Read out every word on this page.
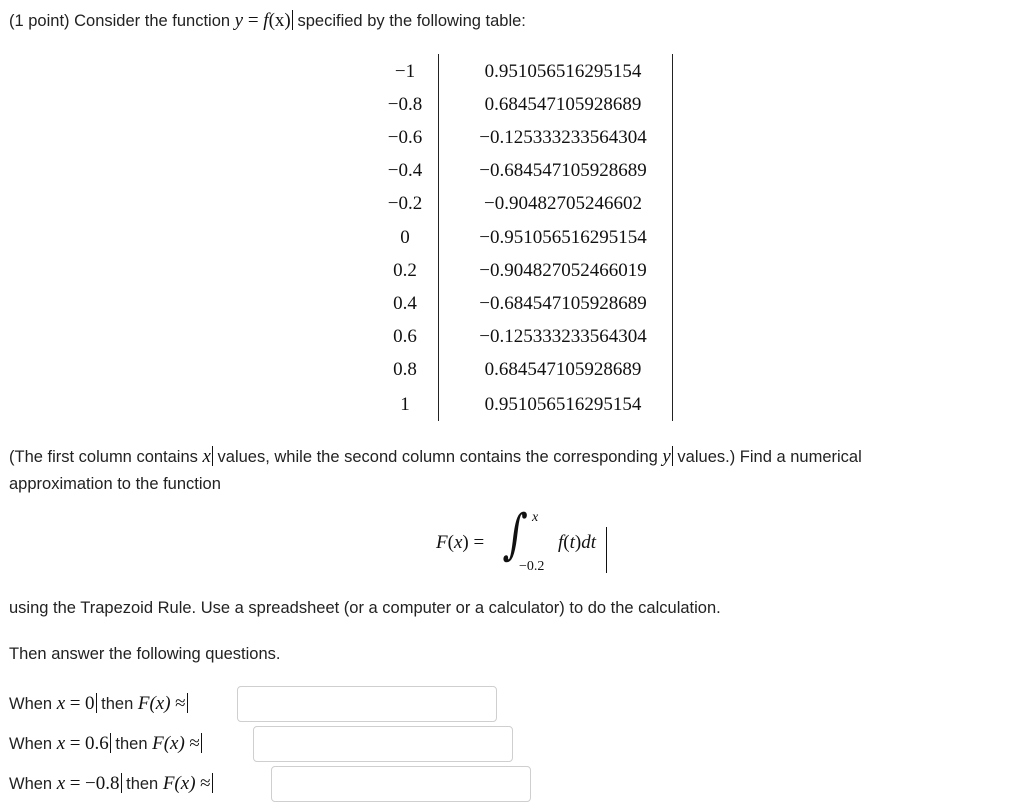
(1 point) Consider the function y = f(x) specified by the following table:
−1	0.951056516295154
−0.8	0.684547105928689
−0.6	−0.125333233564304
−0.4	−0.684547105928689
−0.2	−0.90482705246602
0	−0.951056516295154
0.2	−0.904827052466019
0.4	−0.684547105928689
0.6	−0.125333233564304
0.8	0.684547105928689
1	0.951056516295154
(The first column contains x values, while the second column contains the corresponding y values.) Find a numerical
approximation to the function
F(x) = ∫ x
−0.2
f(t)dt
using the Trapezoid Rule. Use a spreadsheet (or a computer or a calculator) to do the calculation.
Then answer the following questions.
When x = 0 then F(x) ≈
When x = 0.6 then F(x) ≈
When x = −0.8 then F(x) ≈
